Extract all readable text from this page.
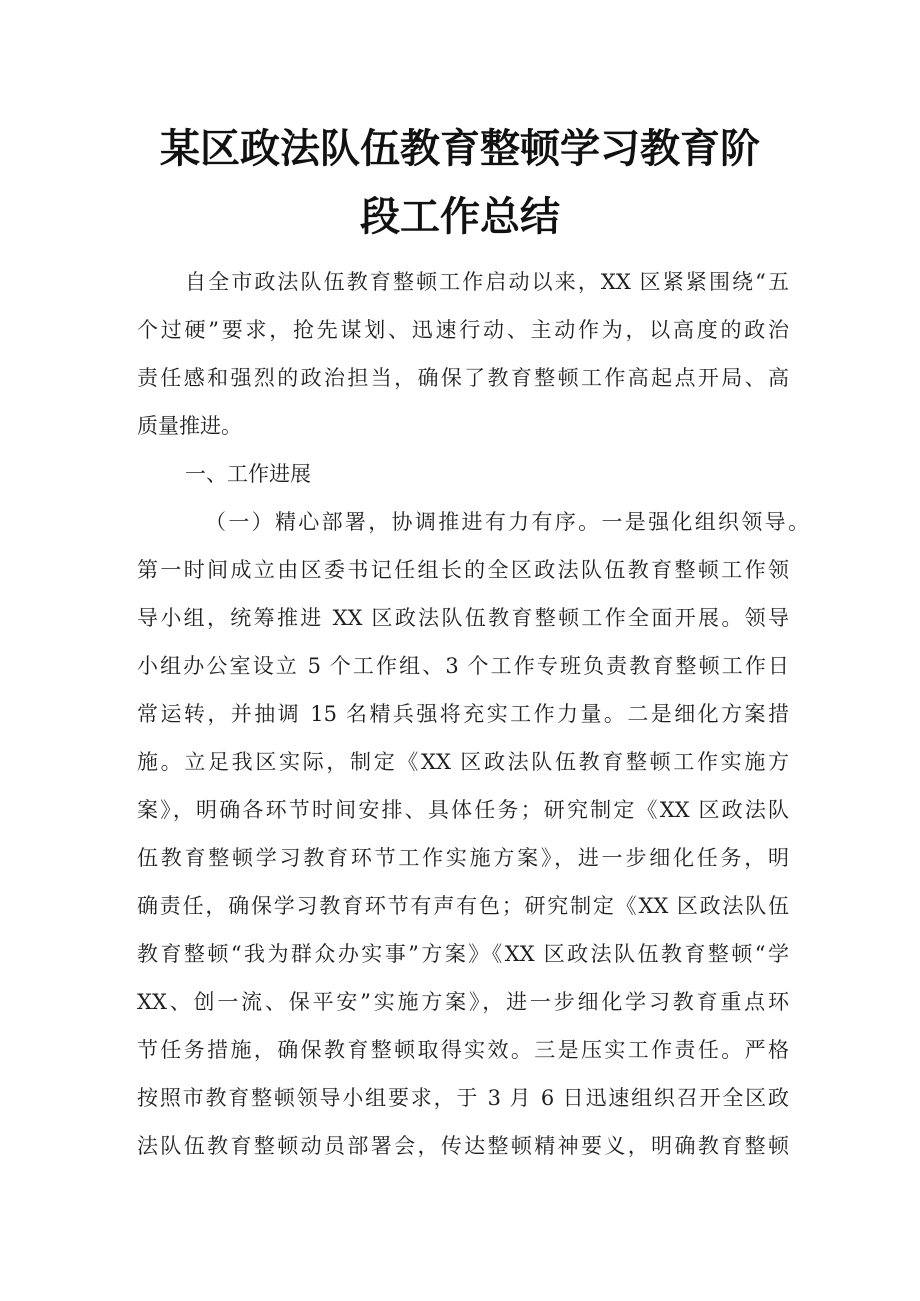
某区政法队伍教育整顿学习教育阶
段工作总结
自全市政法队伍教育整顿工作启动以来，XX 区紧紧围绕“五
个过硬”要求，抢先谋划、迅速行动、主动作为，以高度的政治
责任感和强烈的政治担当，确保了教育整顿工作高起点开局、高
质量推进。
一、工作进展
（一）精心部署，协调推进有力有序。一是强化组织领导。
第一时间成立由区委书记任组长的全区政法队伍教育整顿工作领
导小组，统筹推进 XX 区政法队伍教育整顿工作全面开展。领导
小组办公室设立 5 个工作组、3 个工作专班负责教育整顿工作日
常运转，并抽调 15 名精兵强将充实工作力量。二是细化方案措
施。立足我区实际，制定《XX 区政法队伍教育整顿工作实施方
案》，明确各环节时间安排、具体任务；研究制定《XX 区政法队
伍教育整顿学习教育环节工作实施方案》，进一步细化任务，明
确责任，确保学习教育环节有声有色；研究制定《XX 区政法队伍
教育整顿“我为群众办实事”方案》《XX 区政法队伍教育整顿“学
XX、创一流、保平安”实施方案》，进一步细化学习教育重点环
节任务措施，确保教育整顿取得实效。三是压实工作责任。严格
按照市教育整顿领导小组要求，于 3 月 6 日迅速组织召开全区政
法队伍教育整顿动员部署会，传达整顿精神要义，明确教育整顿
